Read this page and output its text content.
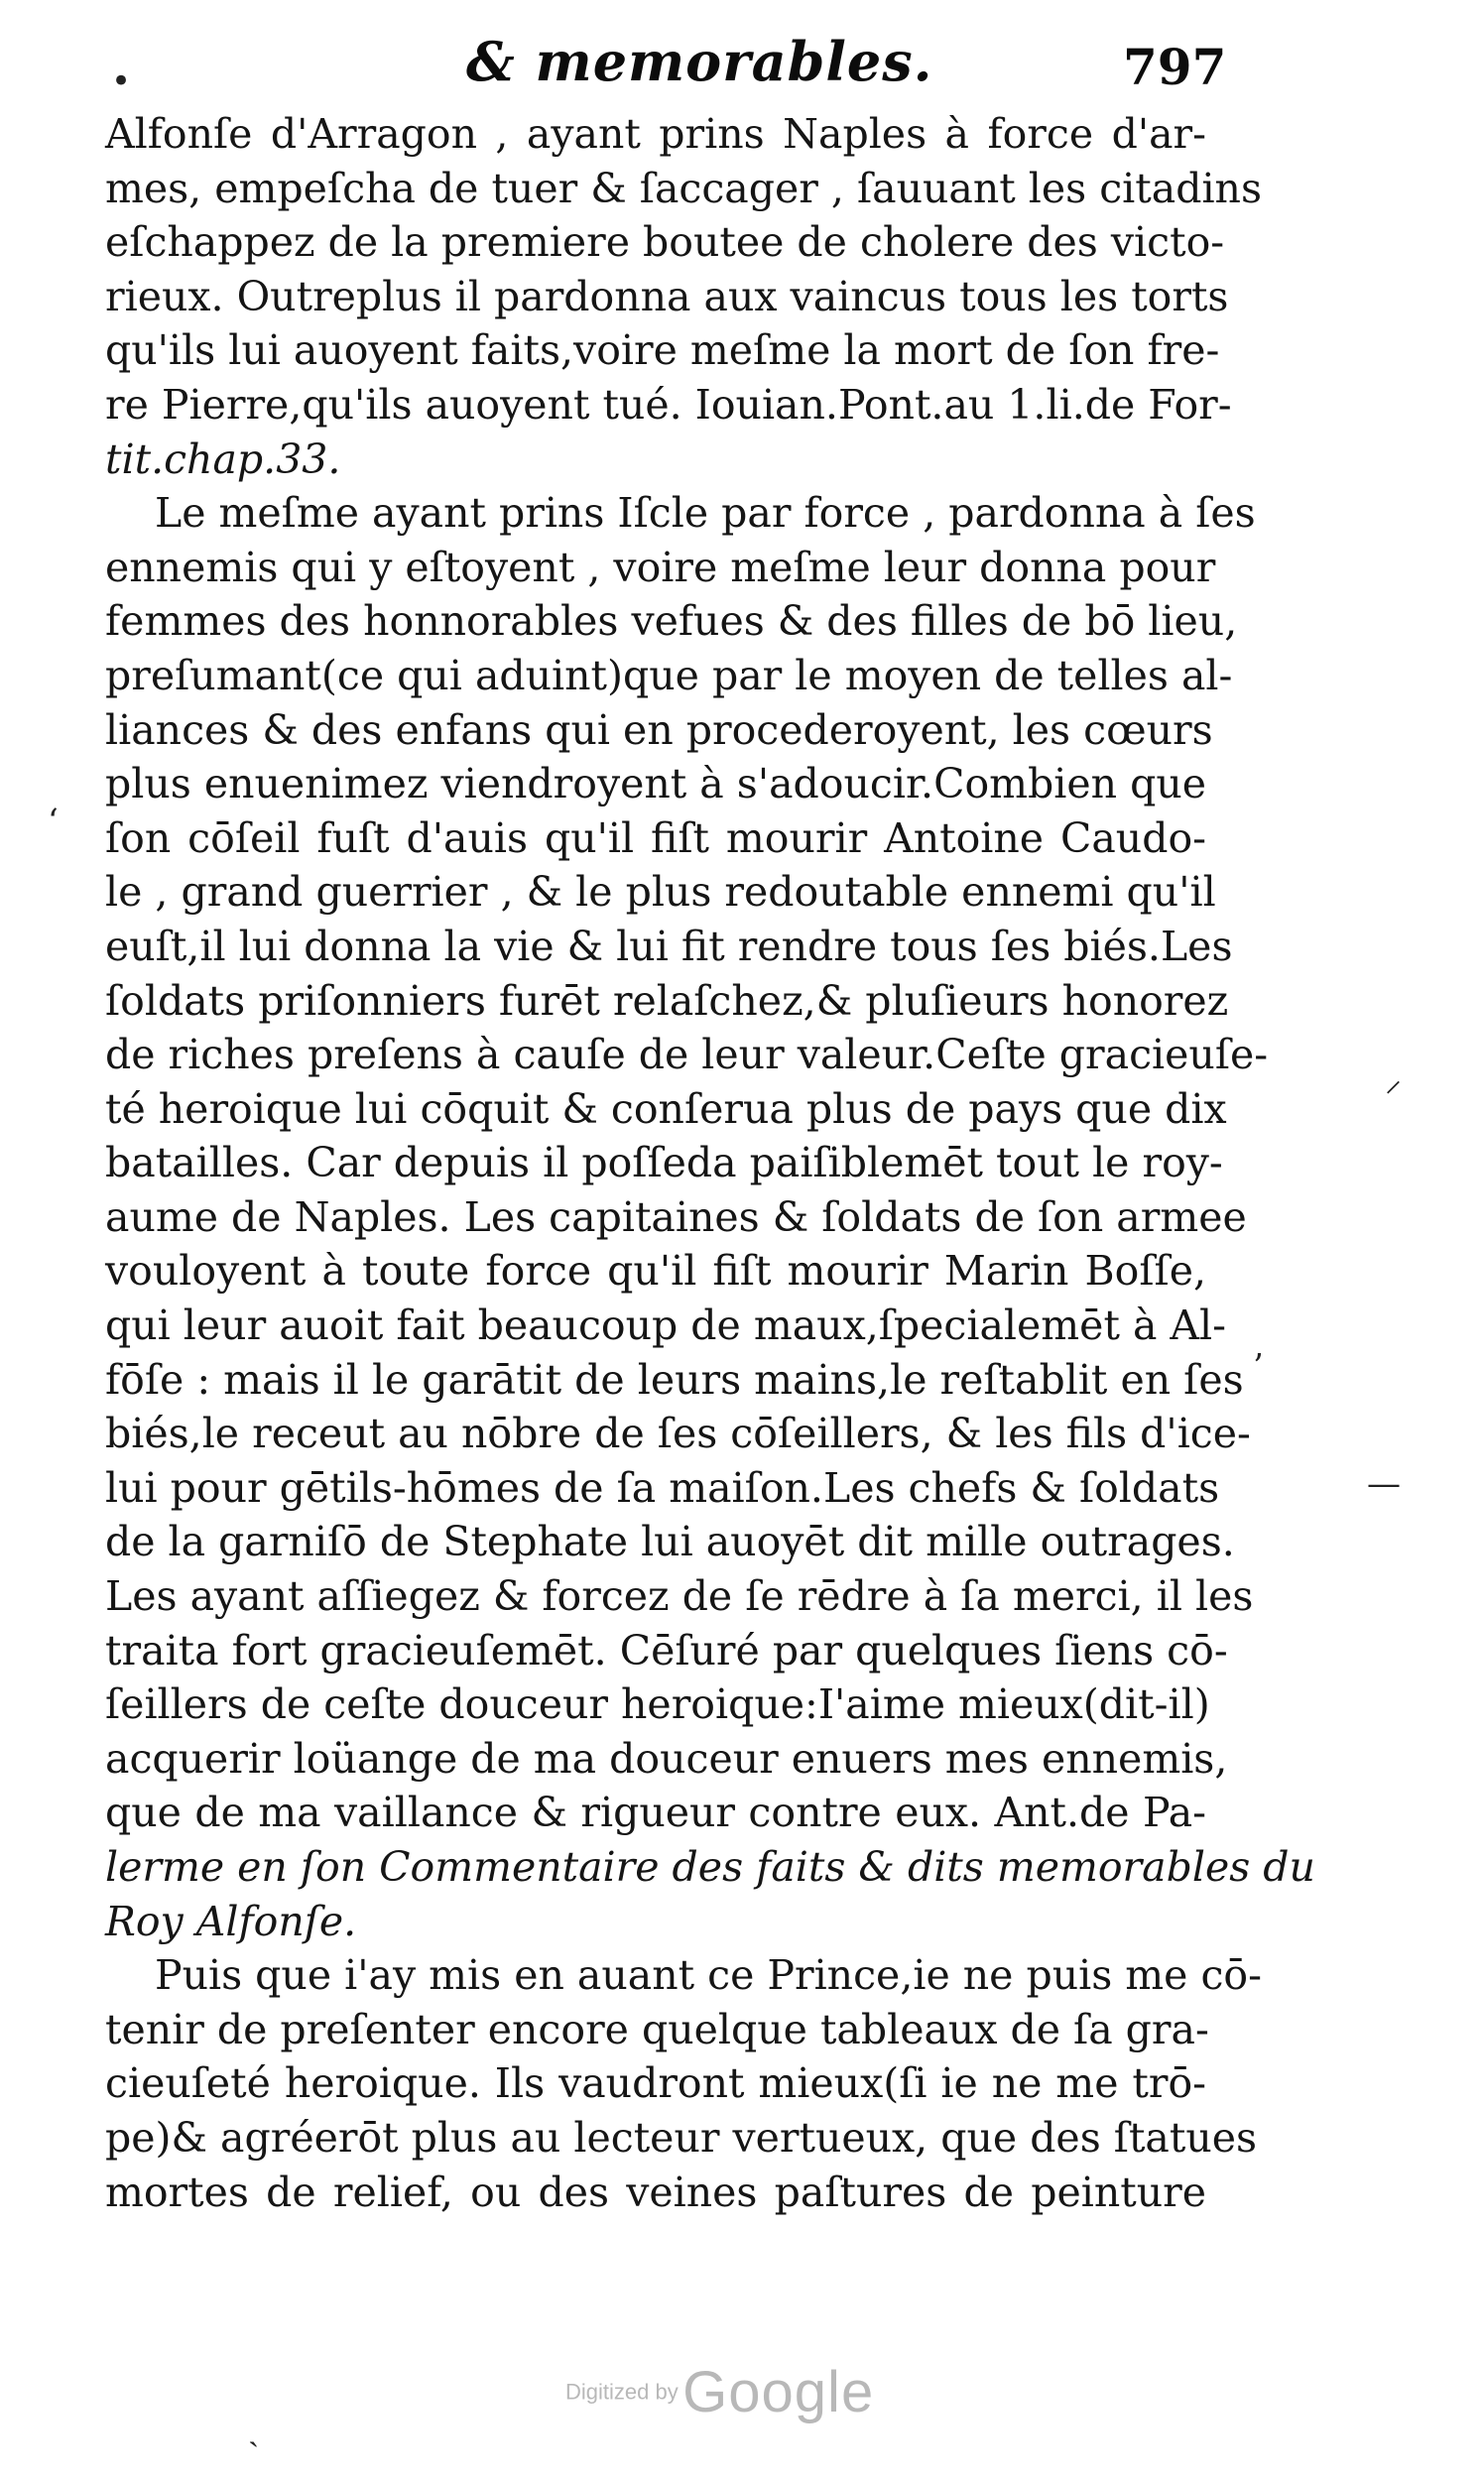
& memorables.	797
Alfonſe d'Arragon , ayant prins Naples à force d'ar-
mes, empeſcha de tuer & ſaccager , ſauuant les citadins
eſchappez de la premiere boutee de cholere des victo-
rieux. Outreplus il pardonna aux vaincus tous les torts
qu'ils lui auoyent faits,voire meſme la mort de ſon fre-
re Pierre,qu'ils auoyent tué. Iouian.Pont.au 1.li.de For-
tit.chap.33.
Le meſme ayant prins Iſcle par force , pardonna à ſes
ennemis qui y eſtoyent , voire meſme leur donna pour
femmes des honnorables vefues & des filles de bō lieu,
preſumant(ce qui aduint)que par le moyen de telles al-
liances & des enfans qui en procederoyent, les cœurs
plus enuenimez viendroyent à s'adoucir.Combien que
ſon cōſeil fuſt d'auis qu'il fiſt mourir Antoine Caudo-
le , grand guerrier , & le plus redoutable ennemi qu'il
euſt,il lui donna la vie & lui fit rendre tous ſes biés.Les
ſoldats priſonniers furēt relaſchez,& pluſieurs honorez
de riches preſens à cauſe de leur valeur.Ceſte gracieuſe-
té heroique lui cōquit & conſerua plus de pays que dix
batailles. Car depuis il poſſeda paiſiblemēt tout le roy-
aume de Naples. Les capitaines & ſoldats de ſon armee
vouloyent à toute force qu'il fiſt mourir Marin Boſſe,
qui leur auoit fait beaucoup de maux,ſpecialemēt à Al-
fōſe : mais il le garātit de leurs mains,le reſtablit en ſes
biés,le receut au nōbre de ſes cōſeillers, & les fils d'ice-
lui pour gētils-hōmes de ſa maiſon.Les chefs & ſoldats
de la garniſō de Stephate lui auoyēt dit mille outrages.
Les ayant aſſiegez & forcez de ſe rēdre à ſa merci, il les
traita fort gracieuſemēt. Cēſuré par quelques ſiens cō-
ſeillers de ceſte douceur heroique:I'aime mieux(dit-il)
acquerir loüange de ma douceur enuers mes ennemis,
que de ma vaillance & rigueur contre eux. Ant.de Pa-
lerme en ſon Commentaire des faits & dits memorables du
Roy Alfonſe.
Puis que i'ay mis en auant ce Prince,ie ne puis me cō-
tenir de preſenter encore quelque tableaux de ſa gra-
cieuſeté heroique. Ils vaudront mieux(ſi ie ne me trō-
pe)& agréerōt plus au lecteur vertueux, que des ſtatues
mortes de relief, ou des veines paſtures de peinture
•
‘
ʼ
—
⸍
ˎ
Digitized by Google
